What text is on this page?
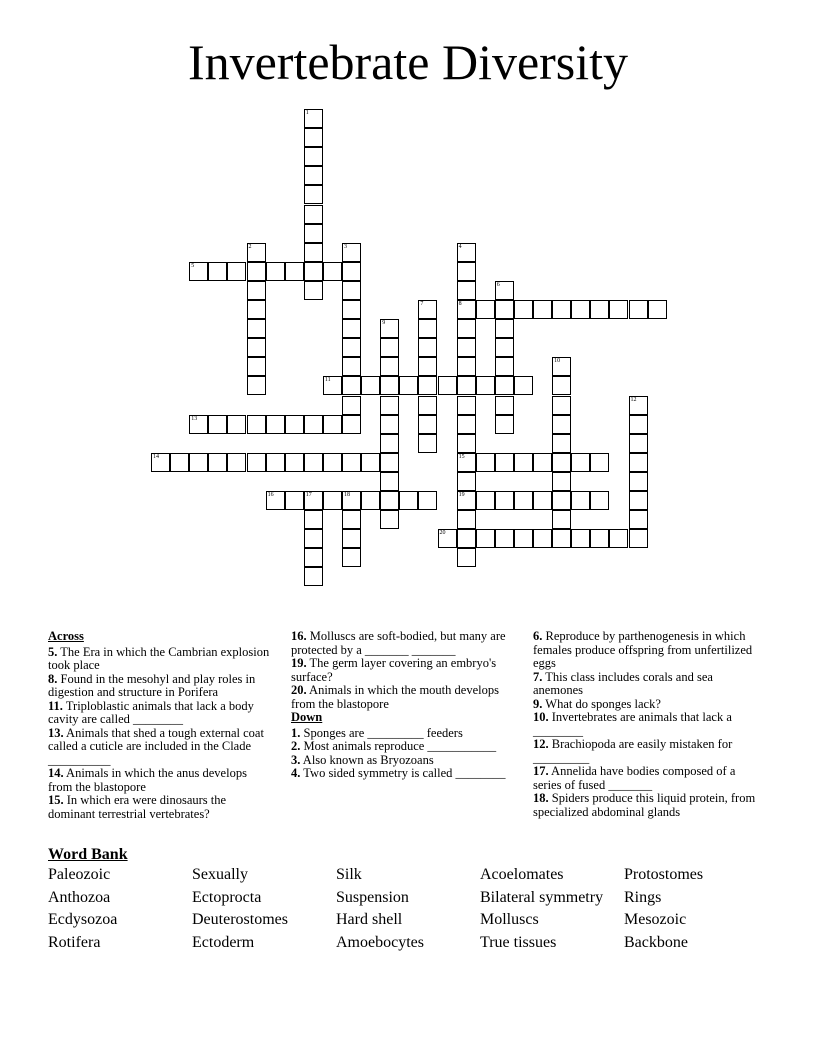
Invertebrate Diversity
1
2	3	4
8
15
19
5
6
7
9
10
11
12
13
14
16	17	18
20

Across

5. The Era in which the Cambrian explosion took place

8. Found in the mesohyl and play roles in digestion and structure in Porifera

11. Triploblastic animals that lack a body cavity are called ________

13. Animals that shed a tough external coat called a cuticle are included in the Clade __________

14. Animals in which the anus develops from the blastopore

15. In which era were dinosaurs the dominant terrestrial vertebrates?

16. Molluscs are soft-bodied, but many are protected by a _______ _______

19. The germ layer covering an embryo's surface?

20. Animals in which the mouth develops from the blastopore

Down

1. Sponges are _________ feeders

2. Most animals reproduce ___________

3. Also known as Bryozoans

4. Two sided symmetry is called ________

6. Reproduce by parthenogenesis in which females produce offspring from unfertilized eggs

7. This class includes corals and sea anemones

9. What do sponges lack?

10. Invertebrates are animals that lack a ________

12. Brachiopoda are easily mistaken for _________

17. Annelida have bodies composed of a series of fused _______

18. Spiders produce this liquid protein, from specialized abdominal glands

Word Bank
Paleozoic	Sexually	Silk	Acoelomates	Protostomes
Anthozoa	Ectoprocta	Suspension	Bilateral symmetry	Rings
Ecdysozoa	Deuterostomes	Hard shell	Molluscs	Mesozoic
Rotifera	Ectoderm	Amoebocytes	True tissues	Backbone
